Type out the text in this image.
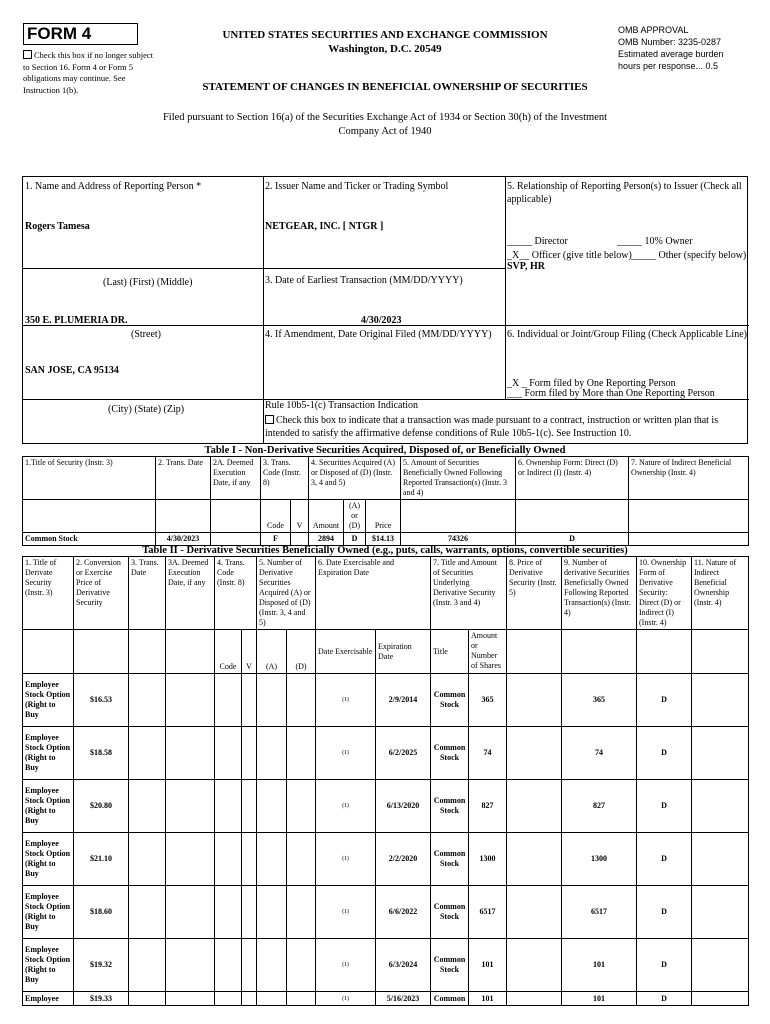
FORM 4
Check this box if no longer subject to Section 16. Form 4 or Form 5 obligations may continue. See Instruction 1(b).
UNITED STATES SECURITIES AND EXCHANGE COMMISSION
Washington, D.C. 20549
OMB APPROVAL
OMB Number: 3235-0287
Estimated average burden
hours per response... 0.5
STATEMENT OF CHANGES IN BENEFICIAL OWNERSHIP OF SECURITIES
Filed pursuant to Section 16(a) of the Securities Exchange Act of 1934 or Section 30(h) of the Investment Company Act of 1940
1. Name and Address of Reporting Person *
Rogers Tamesa
(Last) (First) (Middle)
350 E. PLUMERIA DR.
(Street)
SAN JOSE, CA 95134
(City) (State) (Zip)
2. Issuer Name and Ticker or Trading Symbol
NETGEAR, INC. [ NTGR ]
3. Date of Earliest Transaction (MM/DD/YYYY)
4/30/2023
4. If Amendment, Date Original Filed (MM/DD/YYYY)
Rule 10b5-1(c) Transaction Indication
Check this box to indicate that a transaction was made pursuant to a contract, instruction or written plan that is intended to satisfy the affirmative defense conditions of Rule 10b5-1(c). See Instruction 10.
5. Relationship of Reporting Person(s) to Issuer (Check all applicable)
_____ Director	_____ 10% Owner
_X__ Officer (give title below) _____ Other (specify below)
SVP, HR
6. Individual or Joint/Group Filing (Check Applicable Line)
_X _ Form filed by One Reporting Person
___ Form filed by More than One Reporting Person
Table I - Non-Derivative Securities Acquired, Disposed of, or Beneficially Owned
1.Title of Security (Instr. 3)	2. Trans. Date	2A. Deemed Execution Date, if any	3. Trans. Code (Instr. 8)		4. Securities Acquired (A) or Disposed of (D) (Instr. 3, 4 and 5)			5. Amount of Securities Beneficially Owned Following Reported Transaction(s) (Instr. 3 and 4)	6. Ownership Form: Direct (D) or Indirect (I) (Instr. 4)	7. Nature of Indirect Beneficial Ownership (Instr. 4)
			Code	V	Amount	(A) or (D)	Price			
Common Stock	4/30/2023		F		2894	D	$14.13	74326	D	
Table II - Derivative Securities Beneficially Owned (e.g., puts, calls, warrants, options, convertible securities)
1. Title of Derivate Security (Instr. 3)	2. Conversion or Exercise Price of Derivative Security	3. Trans. Date	3A. Deemed Execution Date, if any	4. Trans. Code (Instr. 8)		5. Number of Derivative Securities Acquired (A) or Disposed of (D) (Instr. 3, 4 and 5)		6. Date Exercisable and Expiration Date		7. Title and Amount of Securities Underlying Derivative Security (Instr. 3 and 4)		8. Price of Derivative Security (Instr. 5)	9. Number of derivative Securities Beneficially Owned Following Reported Transaction(s) (Instr. 4)	10. Ownership Form of Derivative Security: Direct (D) or Indirect (I) (Instr. 4)	11. Nature of Indirect Beneficial Ownership (Instr. 4)
				Code	V	(A)	(D)	Date Exercisable	Expiration Date	Title	Amount or Number of Shares				
Employee Stock Option (Right to Buy	$16.53							(1)	2/9/2014	Common Stock	365		365	D	
Employee Stock Option (Right to Buy	$18.58							(1)	6/2/2025	Common Stock	74		74	D	
Employee Stock Option (Right to Buy	$20.80							(1)	6/13/2020	Common Stock	827		827	D	
Employee Stock Option (Right to Buy	$21.10							(1)	2/2/2020	Common Stock	1300		1300	D	
Employee Stock Option (Right to Buy	$18.60							(1)	6/6/2022	Common Stock	6517		6517	D	
Employee Stock Option (Right to Buy	$19.32							(1)	6/3/2024	Common Stock	101		101	D	
Employee	$19.33							(1)	5/16/2023	Common	101		101	D	
